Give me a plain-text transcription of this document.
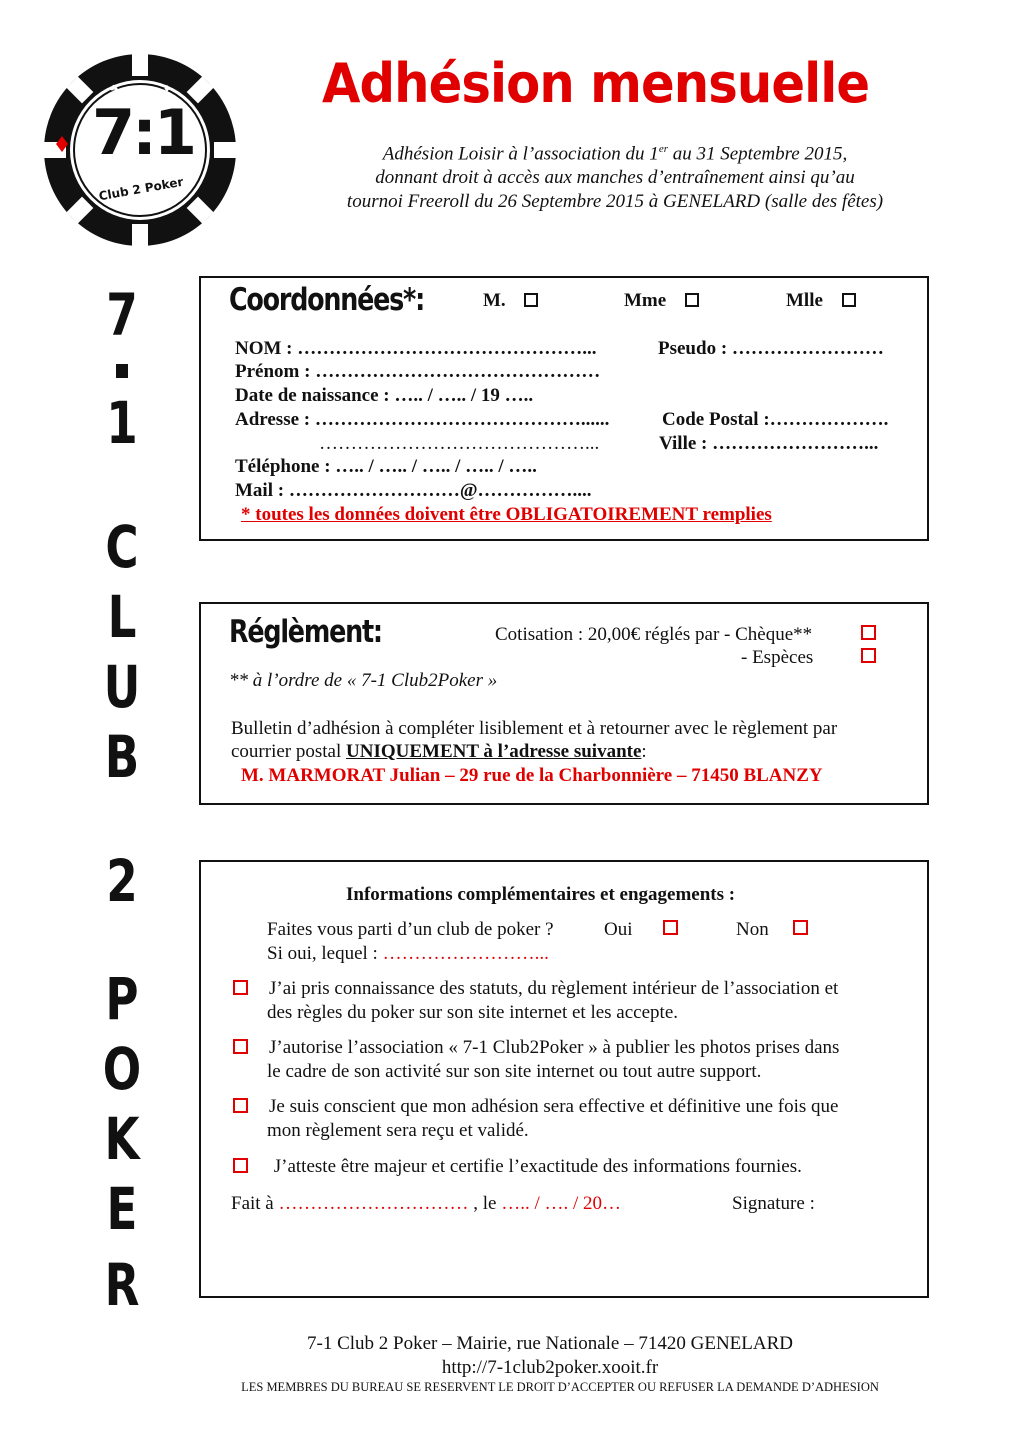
♠
♣	♦
7:1
Club 2 Poker
Adhésion mensuelle
Adhésion Loisir à l’association du 1er au 31 Septembre 2015,
donnant droit à accès aux manches d’entraînement ainsi qu’au
tournoi Freeroll du 26 Septembre 2015 à GENELARD (salle des fêtes)
7
1
C
L
U
B
2
P
O
K
E
R
Coordonnées*:	M.	Mme	Mlle
NOM : ………………………………………...	Pseudo : ……………………
Prénom : ………………………………………
Date de naissance : ….. / ….. / 19 …..
Adresse : ……………………………………......	Code Postal :……………….
……………………………………...	Ville : ……………………...
Téléphone : ….. / ….. / ….. / ….. / …..
Mail : ………………………@……………....
* toutes les données doivent être OBLIGATOIREMENT remplies
Réglèment:	Cotisation : 20,00€ réglés par - Chèque**
- Espèces
** à l’ordre de « 7-1 Club2Poker »
Bulletin d’adhésion à compléter lisiblement et à retourner avec le règlement par
courrier postal UNIQUEMENT à l’adresse suivante:
M. MARMORAT Julian – 29 rue de la Charbonnière – 71450 BLANZY
Informations complémentaires et engagements :
Faites vous parti d’un club de poker ?	Oui	Non
Si oui, lequel : ……………………...
J’ai pris connaissance des statuts, du règlement intérieur de l’association et
des règles du poker sur son site internet et les accepte.
J’autorise l’association « 7-1 Club2Poker » à publier les photos prises dans
le cadre de son activité sur son site internet ou tout autre support.
Je suis conscient que mon adhésion sera effective et définitive une fois que
mon règlement sera reçu et validé.
J’atteste être majeur et certifie l’exactitude des informations fournies.
Fait à ………………………… , le ….. / …. / 20…	Signature :
7-1 Club 2 Poker – Mairie, rue Nationale – 71420 GENELARD
http://7-1club2poker.xooit.fr
LES MEMBRES DU BUREAU SE RESERVENT LE DROIT D’ACCEPTER OU REFUSER LA DEMANDE D’ADHESION
